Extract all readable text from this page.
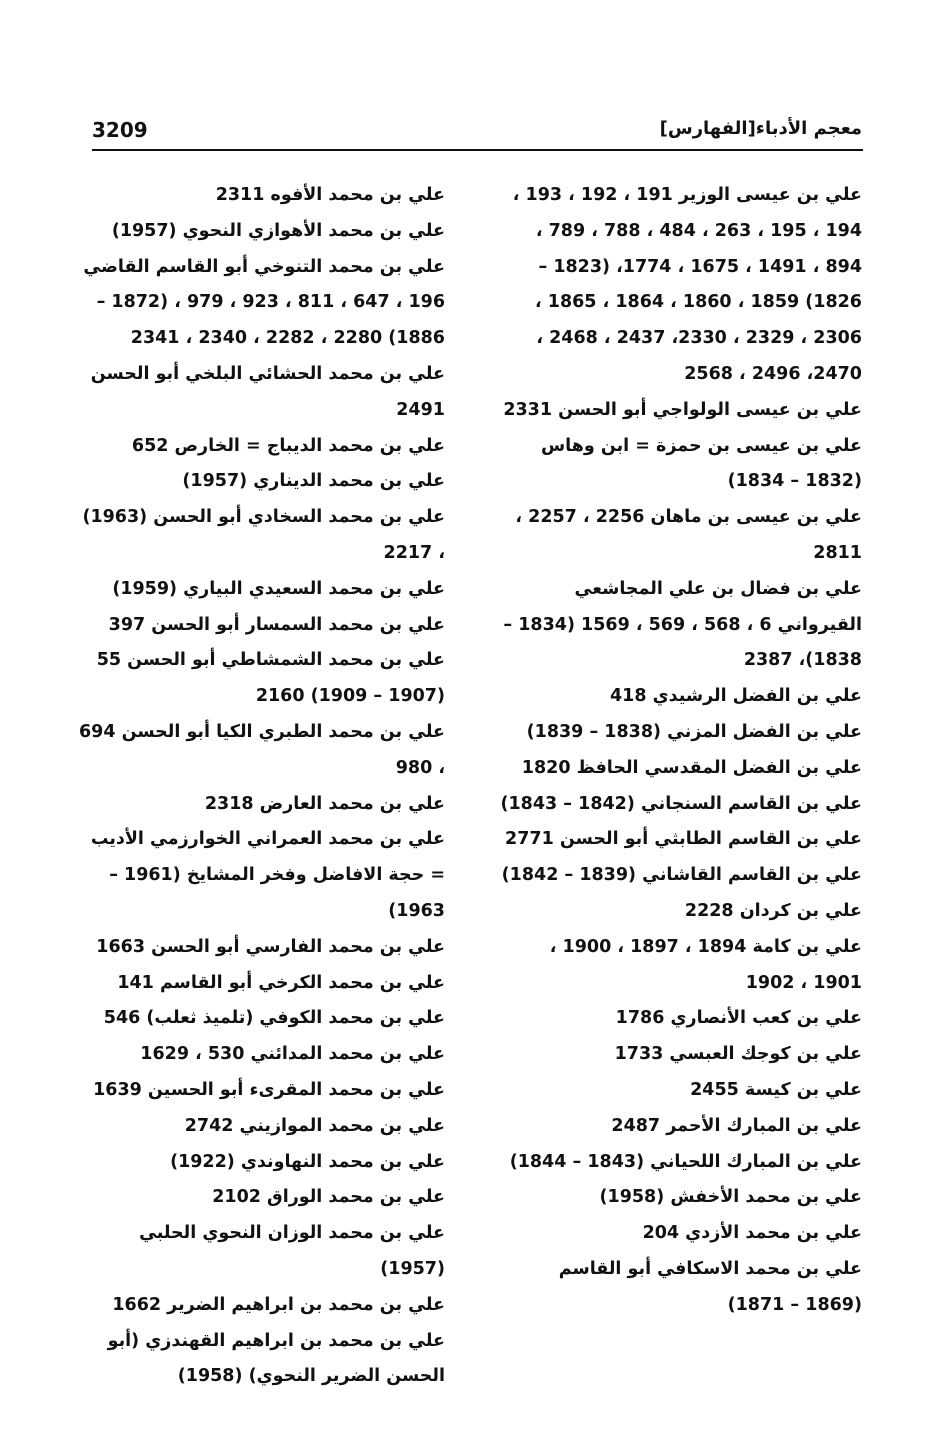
3209	معجم الأدباء[الفهارس]
علي بن عيسى الوزير 191 ، 192 ، 193 ، 194 ، 195 ، 263 ، 484 ، 788 ، 789 ، 894 ، 1491 ، 1675 ، 1774، (1823 – 1826) 1859 ، 1860 ، 1864 ، 1865 ، 2306 ، 2329 ، 2330، 2437 ، 2468 ، 2470، 2496 ، 2568
علي بن عيسى الولواجي أبو الحسن 2331
علي بن عيسى بن حمزة = ابن وهاس (1832 – 1834)
علي بن عيسى بن ماهان 2256 ، 2257 ، 2811
علي بن فضال بن علي المجاشعي القيرواني 6 ، 568 ، 569 ، 1569 (1834 – 1838)، 2387
علي بن الفضل الرشيدي 418
علي بن الفضل المزني (1838 – 1839)
علي بن الفضل المقدسي الحافظ 1820
علي بن القاسم السنجاني (1842 – 1843)
علي بن القاسم الطابثي أبو الحسن 2771
علي بن القاسم القاشاني (1839 – 1842)
علي بن كردان 2228
علي بن كامة 1894 ، 1897 ، 1900 ، 1901 ، 1902
علي بن كعب الأنصاري 1786
علي بن كوجك العبسي 1733
علي بن كيسة 2455
علي بن المبارك الأحمر 2487
علي بن المبارك اللحياني (1843 – 1844)
علي بن محمد الأخفش (1958)
علي بن محمد الأزدي 204
علي بن محمد الاسكافي أبو القاسم (1869 – 1871)
علي بن محمد الأفوه 2311
علي بن محمد الأهوازي النحوي (1957)
علي بن محمد التنوخي أبو القاسم القاضي 196 ، 647 ، 811 ، 923 ، 979 ، (1872 – 1886) 2280 ، 2282 ، 2340 ، 2341
علي بن محمد الحشائي البلخي أبو الحسن 2491
علي بن محمد الديباج = الخارص 652
علي بن محمد الديناري (1957)
علي بن محمد السخادي أبو الحسن (1963) ، 2217
علي بن محمد السعيدي البياري (1959)
علي بن محمد السمسار أبو الحسن 397
علي بن محمد الشمشاطي أبو الحسن 55 (1907 – 1909) 2160
علي بن محمد الطبري الكيا أبو الحسن 694 ، 980
علي بن محمد العارض 2318
علي بن محمد العمراني الخوارزمي الأديب = حجة الافاضل وفخر المشايخ (1961 – 1963)
علي بن محمد الفارسي أبو الحسن 1663
علي بن محمد الكرخي أبو القاسم 141
علي بن محمد الكوفي (تلميذ ثعلب) 546
علي بن محمد المدائني 530 ، 1629
علي بن محمد المقرىء أبو الحسين 1639
علي بن محمد الموازيني 2742
علي بن محمد النهاوندي (1922)
علي بن محمد الوراق 2102
علي بن محمد الوزان النحوي الحلبي (1957)
علي بن محمد بن ابراهيم الضرير 1662
علي بن محمد بن ابراهيم القهندزي (أبو الحسن الضرير النحوي) (1958)
